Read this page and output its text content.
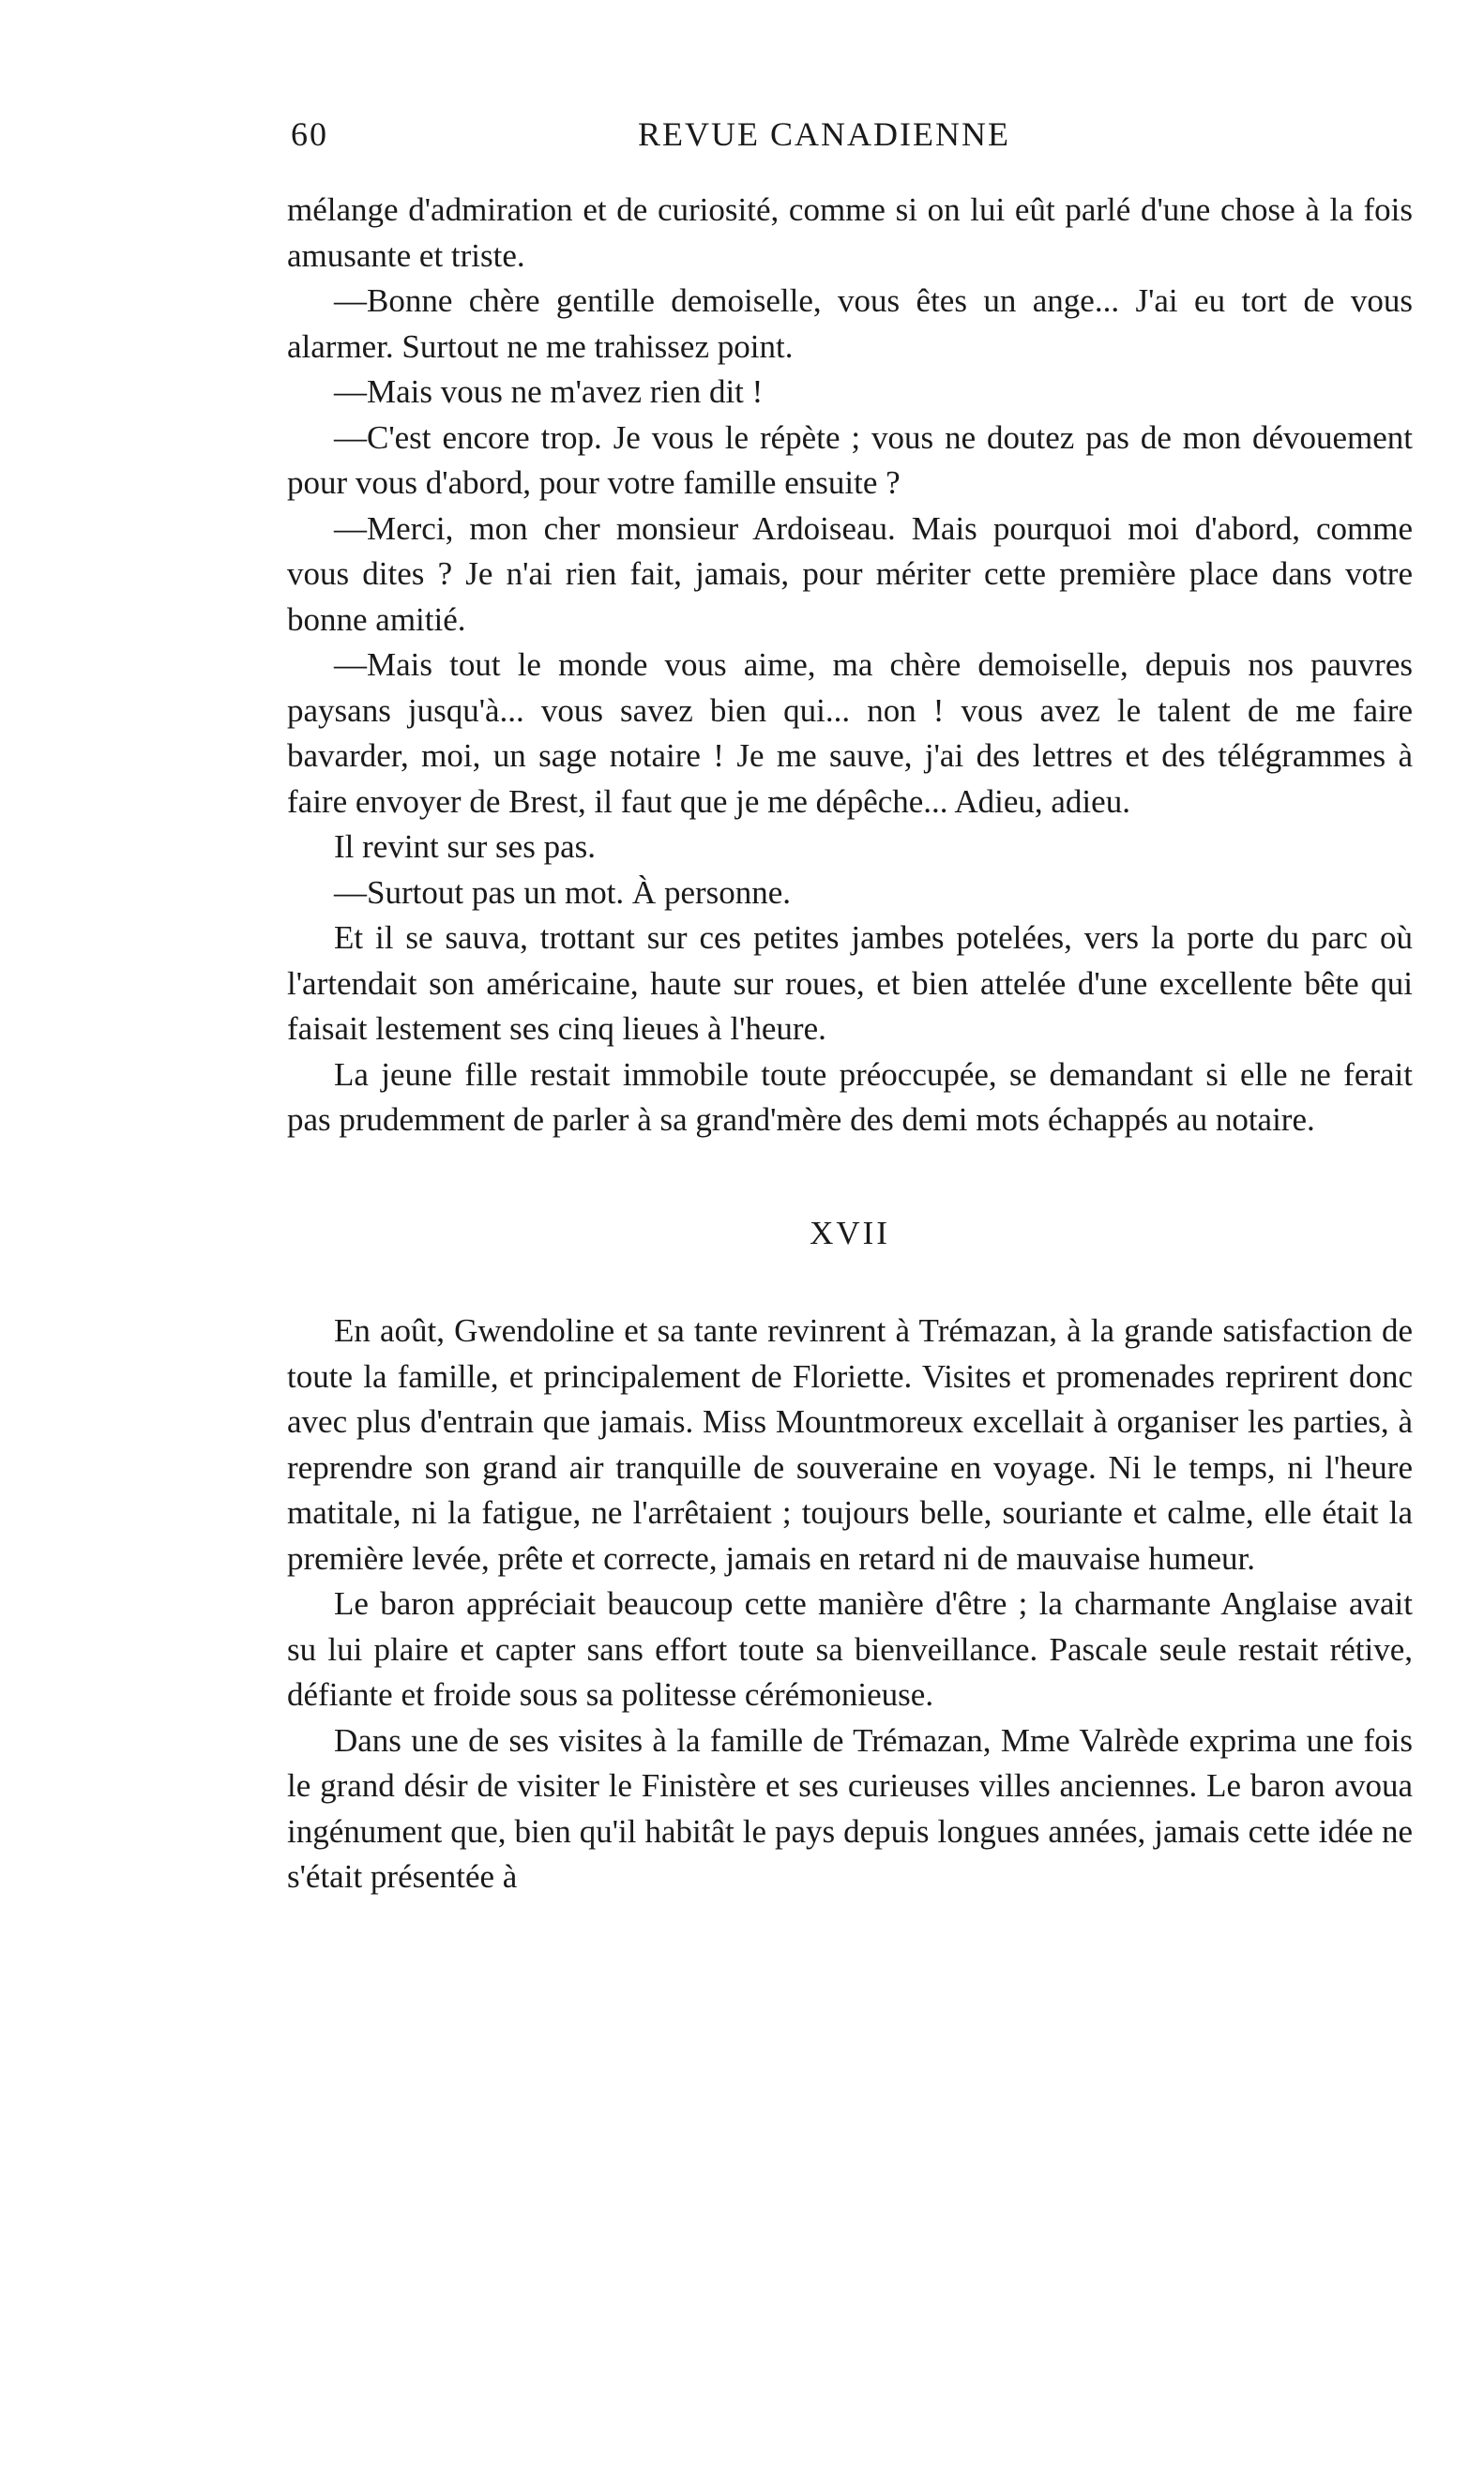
60	REVUE CANADIENNE

mélange d'admiration et de curiosité, comme si on lui eût parlé d'une chose à la fois amusante et triste.

—Bonne chère gentille demoiselle, vous êtes un ange... J'ai eu tort de vous alarmer. Surtout ne me trahissez point.

—Mais vous ne m'avez rien dit !

—C'est encore trop. Je vous le répète ; vous ne doutez pas de mon dévouement pour vous d'abord, pour votre famille ensuite ?

—Merci, mon cher monsieur Ardoiseau. Mais pourquoi moi d'abord, comme vous dites ? Je n'ai rien fait, jamais, pour mériter cette première place dans votre bonne amitié.

—Mais tout le monde vous aime, ma chère demoiselle, depuis nos pauvres paysans jusqu'à... vous savez bien qui... non ! vous avez le talent de me faire bavarder, moi, un sage notaire ! Je me sauve, j'ai des lettres et des télégrammes à faire envoyer de Brest, il faut que je me dépêche... Adieu, adieu.

Il revint sur ses pas.

—Surtout pas un mot. À personne.

Et il se sauva, trottant sur ces petites jambes potelées, vers la porte du parc où l'artendait son américaine, haute sur roues, et bien attelée d'une excellente bête qui faisait lestement ses cinq lieues à l'heure.

La jeune fille restait immobile toute préoccupée, se demandant si elle ne ferait pas prudemment de parler à sa grand'mère des demi mots échappés au notaire.

XVII

En août, Gwendoline et sa tante revinrent à Trémazan, à la grande satisfaction de toute la famille, et principalement de Floriette. Visites et promenades reprirent donc avec plus d'entrain que jamais. Miss Mountmoreux excellait à organiser les parties, à reprendre son grand air tranquille de souveraine en voyage. Ni le temps, ni l'heure matitale, ni la fatigue, ne l'arrêtaient ; toujours belle, souriante et calme, elle était la première levée, prête et correcte, jamais en retard ni de mauvaise humeur.

Le baron appréciait beaucoup cette manière d'être ; la charmante Anglaise avait su lui plaire et capter sans effort toute sa bienveillance. Pascale seule restait rétive, défiante et froide sous sa politesse cérémonieuse.

Dans une de ses visites à la famille de Trémazan, Mme Valrède exprima une fois le grand désir de visiter le Finistère et ses curieuses villes anciennes. Le baron avoua ingénument que, bien qu'il habitât le pays depuis longues années, jamais cette idée ne s'était présentée à
